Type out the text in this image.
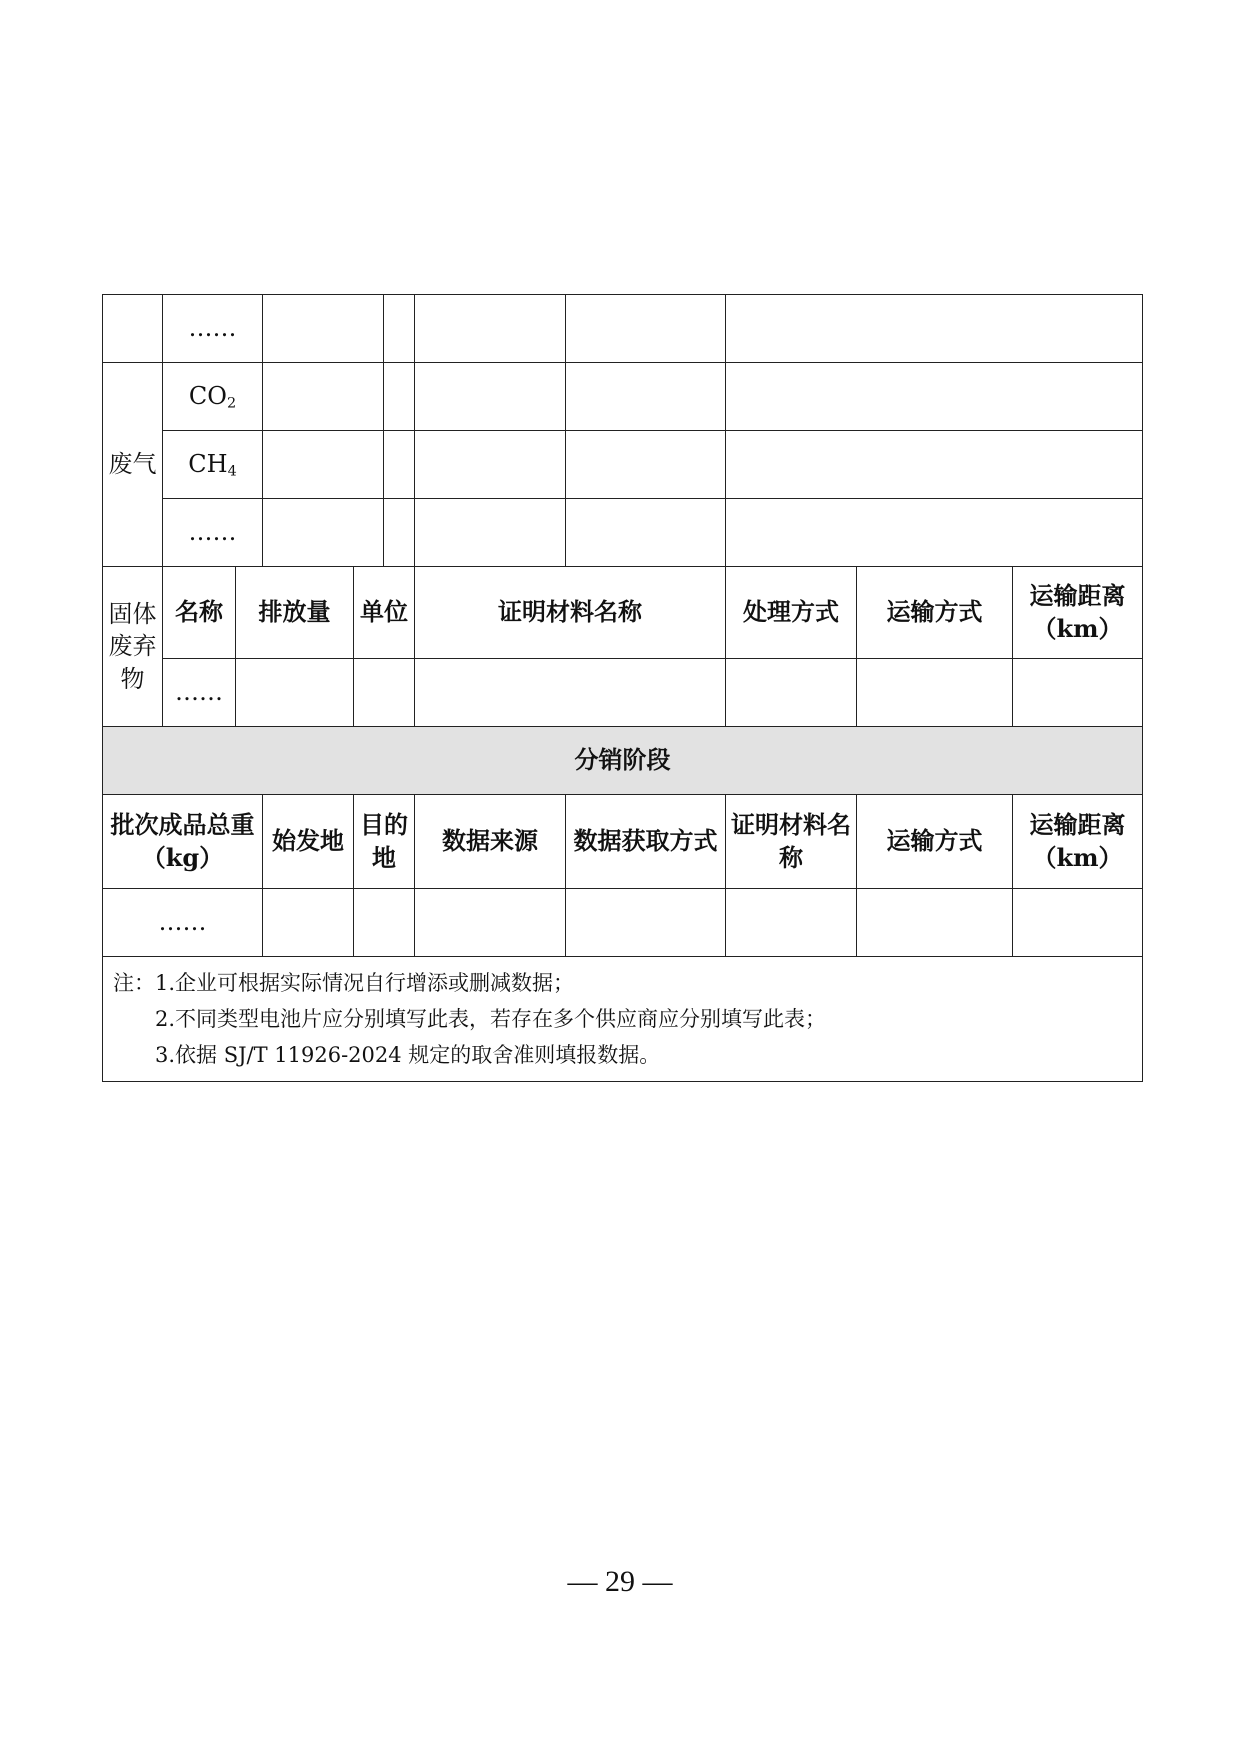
	……									
废气	$CO_2$					
	$CH_4$					
	……									
固体废弃物	名称	排放量		单位		证明材料名称		处理方式	运输方式	运输距离（km）
	……									
分销阶段										
批次成品总重（kg）			始发地	目的地		数据来源	数据获取方式	证明材料名称	运输方式	运输距离（km）
……										

注：1.企业可根据实际情况自行增添或删减数据；
2.不同类型电池片应分别填写此表，若存在多个供应商应分别填写此表；
3.依据 SJ/T 11926-2024 规定的取舍准则填报数据。										
— 29 —
